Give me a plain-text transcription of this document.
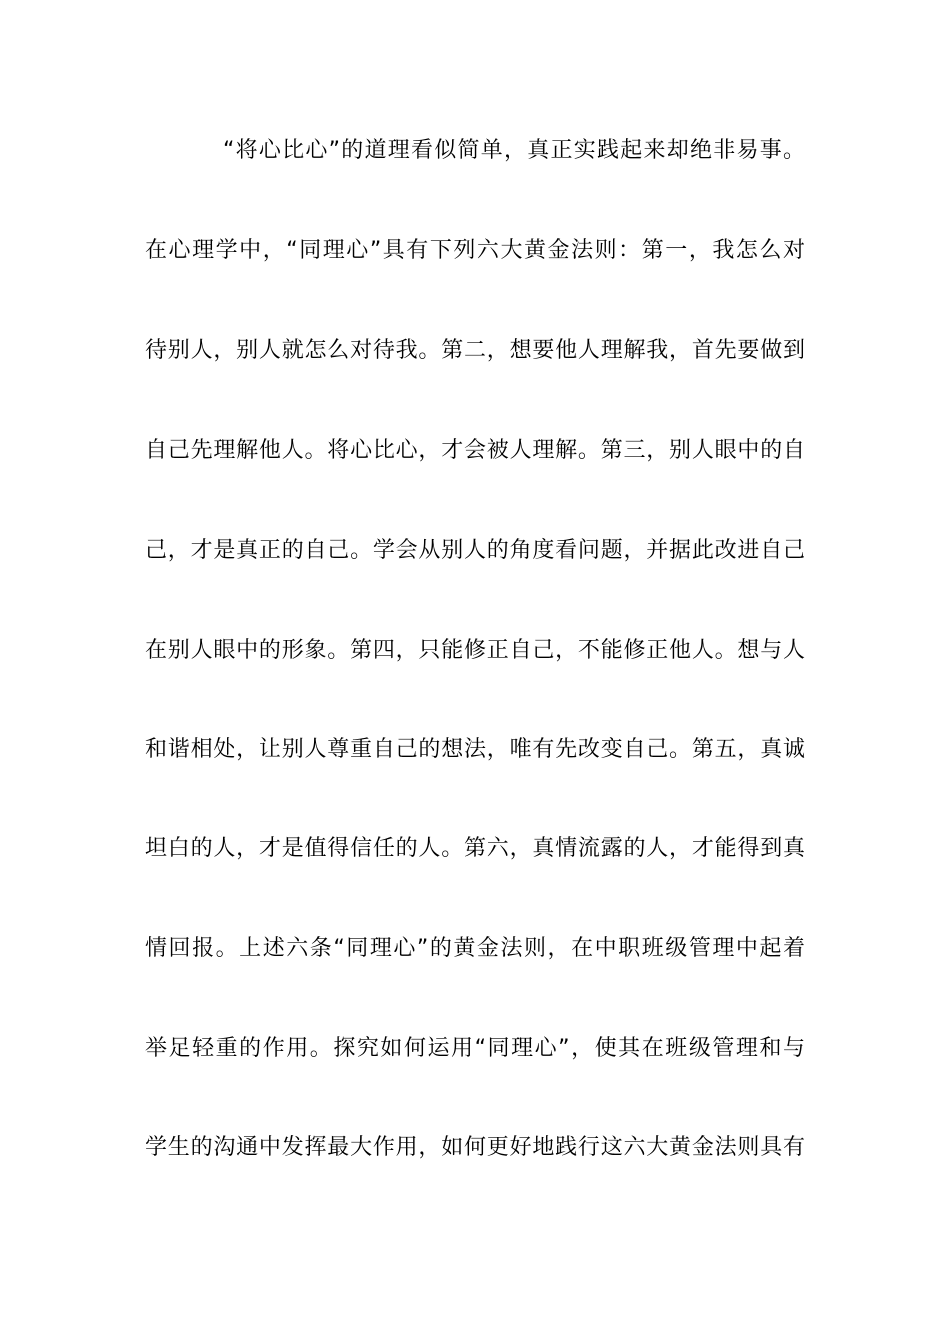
“将心比心”的道理看似简单，真正实践起来却绝非易事。
在心理学中，“同理心”具有下列六大黄金法则：第一，我怎么对
待别人，别人就怎么对待我。第二，想要他人理解我，首先要做到
自己先理解他人。将心比心，才会被人理解。第三，别人眼中的自
己，才是真正的自己。学会从别人的角度看问题，并据此改进自己
在别人眼中的形象。第四，只能修正自己，不能修正他人。想与人
和谐相处，让别人尊重自己的想法，唯有先改变自己。第五，真诚
坦白的人，才是值得信任的人。第六，真情流露的人，才能得到真
情回报。上述六条“同理心”的黄金法则，在中职班级管理中起着
举足轻重的作用。探究如何运用“同理心”，使其在班级管理和与
学生的沟通中发挥最大作用，如何更好地践行这六大黄金法则具有
